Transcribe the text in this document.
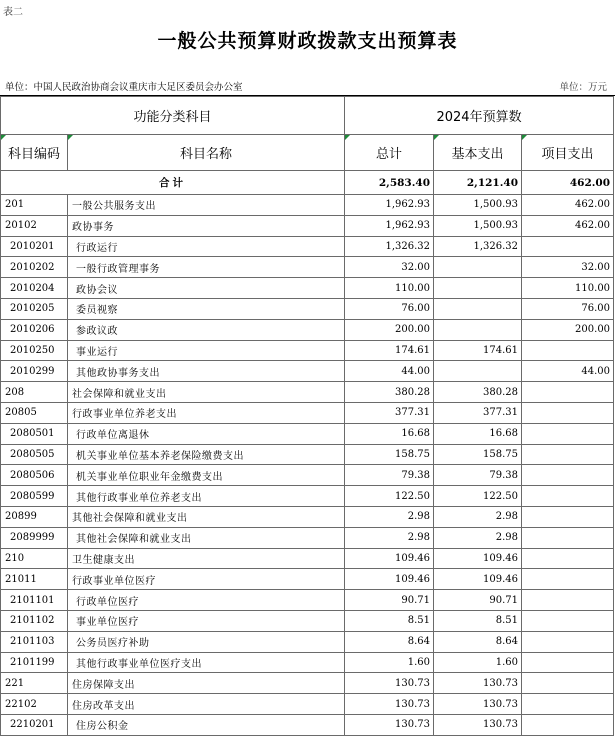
表二
一般公共预算财政拨款支出预算表
单位：中国人民政治协商会议重庆市大足区委员会办公室	单位：万元
功能分类科目		2024年预算数		

科目编码	科目名称	总计	基本支出	项目支出
合计		2,583.40	2,121.40	462.00
201	一般公共服务支出	1,962.93	1,500.93	462.00
20102	政协事务	1,962.93	1,500.93	462.00
2010201	行政运行	1,326.32	1,326.32	
2010202	一般行政管理事务	32.00		32.00
2010204	政协会议	110.00		110.00
2010205	委员视察	76.00		76.00
2010206	参政议政	200.00		200.00
2010250	事业运行	174.61	174.61	
2010299	其他政协事务支出	44.00		44.00
208	社会保障和就业支出	380.28	380.28	
20805	行政事业单位养老支出	377.31	377.31	
2080501	行政单位离退休	16.68	16.68	
2080505	机关事业单位基本养老保险缴费支出	158.75	158.75	
2080506	机关事业单位职业年金缴费支出	79.38	79.38	
2080599	其他行政事业单位养老支出	122.50	122.50	
20899	其他社会保障和就业支出	2.98	2.98	
2089999	其他社会保障和就业支出	2.98	2.98	
210	卫生健康支出	109.46	109.46	
21011	行政事业单位医疗	109.46	109.46	
2101101	行政单位医疗	90.71	90.71	
2101102	事业单位医疗	8.51	8.51	
2101103	公务员医疗补助	8.64	8.64	
2101199	其他行政事业单位医疗支出	1.60	1.60	
221	住房保障支出	130.73	130.73	
22102	住房改革支出	130.73	130.73	
2210201	住房公积金	130.73	130.73	
